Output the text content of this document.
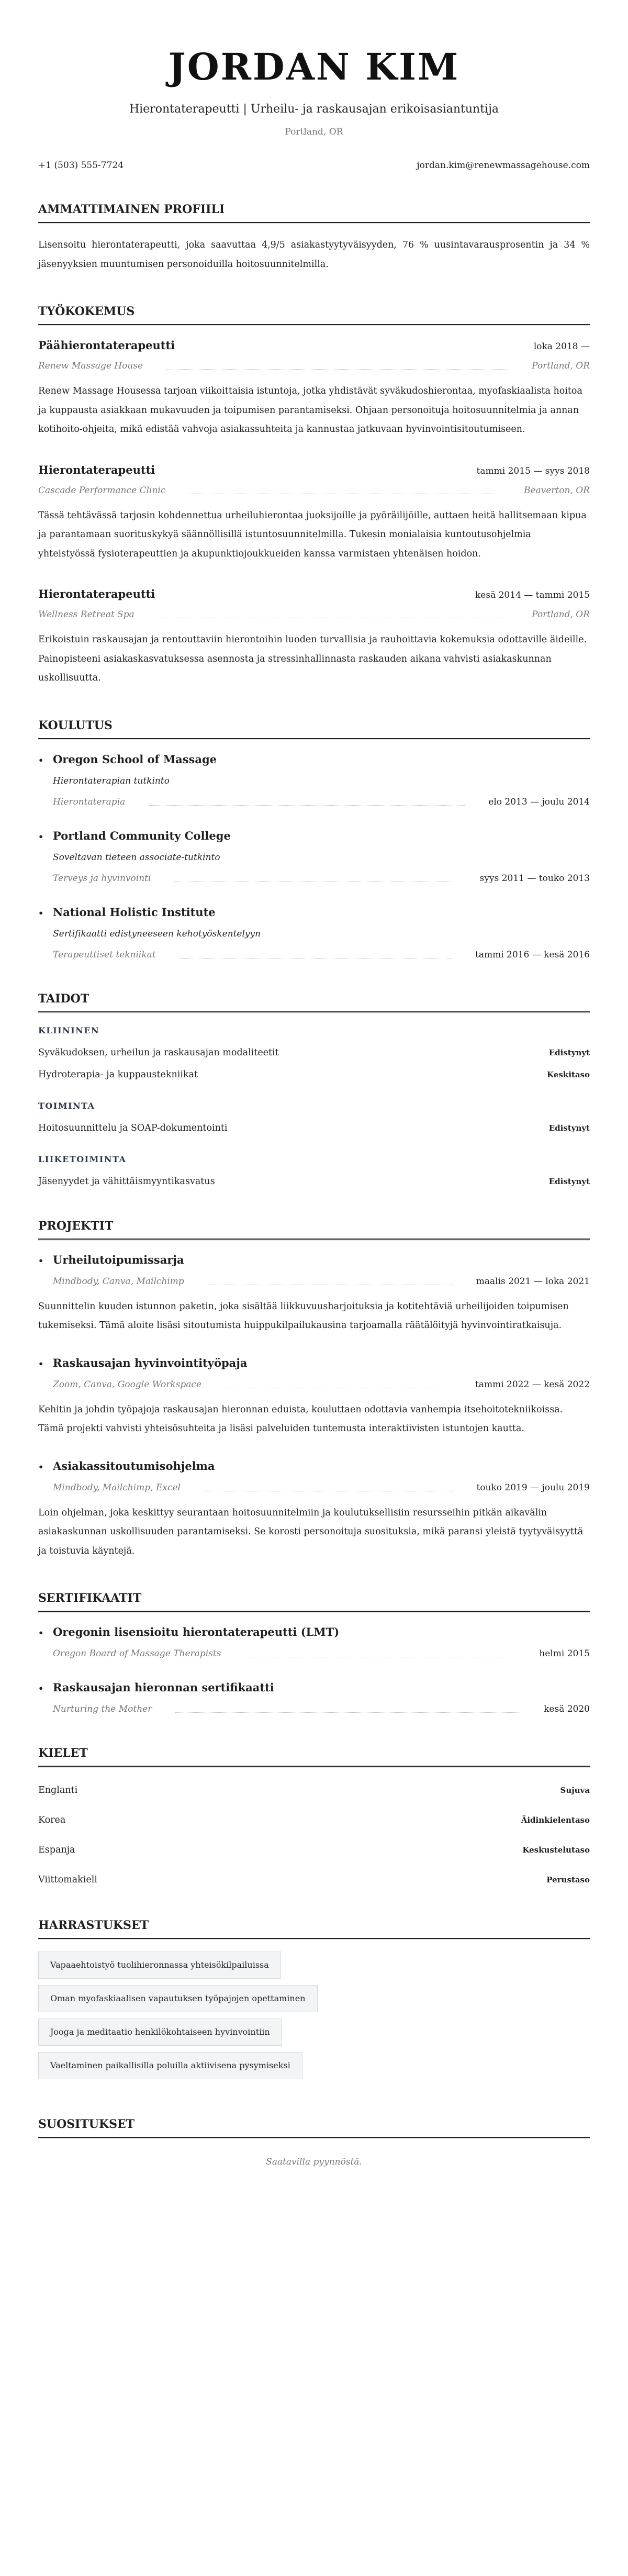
JORDAN KIM
Hierontaterapeutti | Urheilu- ja raskausajan erikoisasiantuntija
Portland, OR
+1 (503) 555-7724	jordan.kim@renewmassagehouse.com
AMMATTIMAINEN PROFIILI

Lisensoitu hierontaterapeutti, joka saavuttaa 4,9/5 asiakastyytyväisyyden, 76 % uusintavarausprosentin ja 34 % jäsenyyksien muuntumisen personoiduilla hoitosuunnitelmilla.

TYÖKOKEMUS
Päähierontaterapeutti	loka 2018 —
Renew Massage House	Portland, OR

Renew Massage Housessa tarjoan viikoittaisia istuntoja, jotka yhdistävät syväkudoshierontaa, myofaskiaalista hoitoa ja kuppausta asiakkaan mukavuuden ja toipumisen parantamiseksi. Ohjaan personoituja hoitosuunnitelmia ja annan kotihoito-ohjeita, mikä edistää vahvoja asiakassuhteita ja kannustaa jatkuvaan hyvinvointisitoutumiseen.

Hierontaterapeutti	tammi 2015 — syys 2018
Cascade Performance Clinic	Beaverton, OR

Tässä tehtävässä tarjosin kohdennettua urheiluhierontaa juoksijoille ja pyöräilijöille, auttaen heitä hallitsemaan kipua ja parantamaan suorituskykyä säännöllisillä istuntosuunnitelmilla. Tukesin monialaisia kuntoutusohjelmia yhteistyössä fysioterapeuttien ja akupunktiojoukkueiden kanssa varmistaen yhtenäisen hoidon.

Hierontaterapeutti	kesä 2014 — tammi 2015
Wellness Retreat Spa	Portland, OR

Erikoistuin raskausajan ja rentouttaviin hierontoihin luoden turvallisia ja rauhoittavia kokemuksia odottaville äideille. Painopisteeni asiakaskasvatuksessa asennosta ja stressinhallinnasta raskauden aikana vahvisti asiakaskunnan uskollisuutta.

KOULUTUS
• Oregon School of Massage
Hierontaterapian tutkinto
Hierontaterapia	elo 2013 — joulu 2014
• Portland Community College
Soveltavan tieteen associate-tutkinto
Terveys ja hyvinvointi	syys 2011 — touko 2013
• National Holistic Institute
Sertifikaatti edistyneeseen kehotyöskentelyyn
Terapeuttiset tekniikat	tammi 2016 — kesä 2016
TAIDOT
KLIININEN
Syväkudoksen, urheilun ja raskausajan modaliteetit	Edistynyt
Hydroterapia- ja kuppaustekniikat	Keskitaso
TOIMINTA
Hoitosuunnittelu ja SOAP-dokumentointi	Edistynyt
LIIKETOIMINTA
Jäsenyydet ja vähittäismyyntikasvatus	Edistynyt
PROJEKTIT
• Urheilutoipumissarja
Mindbody, Canva, Mailchimp	maalis 2021 — loka 2021

Suunnittelin kuuden istunnon paketin, joka sisältää liikkuvuusharjoituksia ja kotitehtäviä urheilijoiden toipumisen tukemiseksi. Tämä aloite lisäsi sitoutumista huippukilpailukausina tarjoamalla räätälöityjä hyvinvointiratkaisuja.

• Raskausajan hyvinvointityöpaja
Zoom, Canva, Google Workspace	tammi 2022 — kesä 2022

Kehitin ja johdin työpajoja raskausajan hieronnan eduista, kouluttaen odottavia vanhempia itsehoitotekniikoissa. Tämä projekti vahvisti yhteisösuhteita ja lisäsi palveluiden tuntemusta interaktiivisten istuntojen kautta.

• Asiakassitoutumisohjelma
Mindbody, Mailchimp, Excel	touko 2019 — joulu 2019

Loin ohjelman, joka keskittyy seurantaan hoitosuunnitelmiin ja koulutuksellisiin resursseihin pitkän aikavälin asiakaskunnan uskollisuuden parantamiseksi. Se korosti personoituja suosituksia, mikä paransi yleistä tyytyväisyyttä ja toistuvia käyntejä.

SERTIFIKAATIT
• Oregonin lisensioitu hierontaterapeutti (LMT)
Oregon Board of Massage Therapists	helmi 2015
• Raskausajan hieronnan sertifikaatti
Nurturing the Mother	kesä 2020
KIELET
Englanti	Sujuva
Korea	Äidinkielentaso
Espanja	Keskustelutaso
Viittomakieli	Perustaso
HARRASTUKSET
Vapaaehtoistyö tuolihieronnassa yhteisökilpailuissa
Oman myofaskiaalisen vapautuksen työpajojen opettaminen
Jooga ja meditaatio henkilökohtaiseen hyvinvointiin
Vaeltaminen paikallisilla poluilla aktiivisena pysymiseksi
SUOSITUKSET
Saatavilla pyynnöstä.
